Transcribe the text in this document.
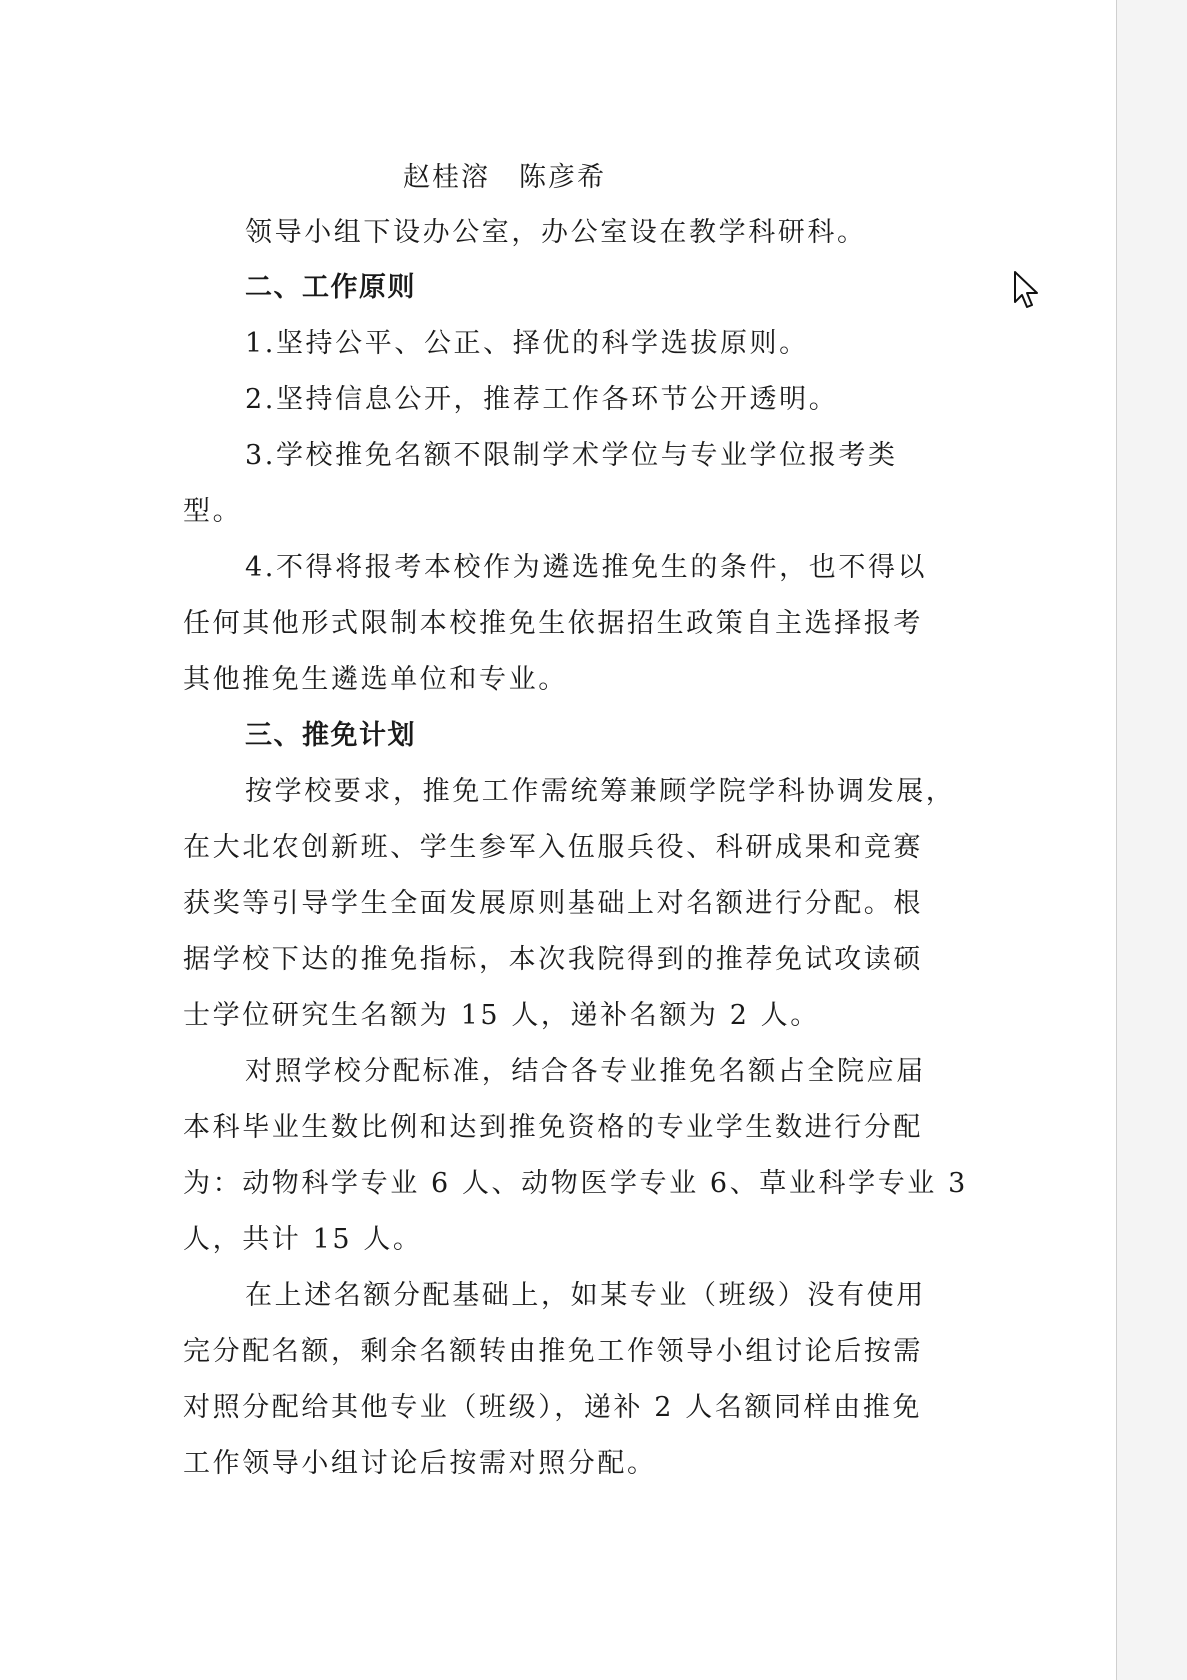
赵桂溶　陈彦希
领导小组下设办公室，办公室设在教学科研科。
二、工作原则
1.坚持公平、公正、择优的科学选拔原则。
2.坚持信息公开，推荐工作各环节公开透明。
3.学校推免名额不限制学术学位与专业学位报考类
型。
4.不得将报考本校作为遴选推免生的条件，也不得以
任何其他形式限制本校推免生依据招生政策自主选择报考
其他推免生遴选单位和专业。
三、推免计划
按学校要求，推免工作需统筹兼顾学院学科协调发展，
在大北农创新班、学生参军入伍服兵役、科研成果和竞赛
获奖等引导学生全面发展原则基础上对名额进行分配。根
据学校下达的推免指标，本次我院得到的推荐免试攻读硕
士学位研究生名额为 15 人，递补名额为 2 人。
对照学校分配标准，结合各专业推免名额占全院应届
本科毕业生数比例和达到推免资格的专业学生数进行分配
为：动物科学专业 6 人、动物医学专业 6、草业科学专业 3
人，共计 15 人。
在上述名额分配基础上，如某专业（班级）没有使用
完分配名额，剩余名额转由推免工作领导小组讨论后按需
对照分配给其他专业（班级），递补 2 人名额同样由推免
工作领导小组讨论后按需对照分配。
